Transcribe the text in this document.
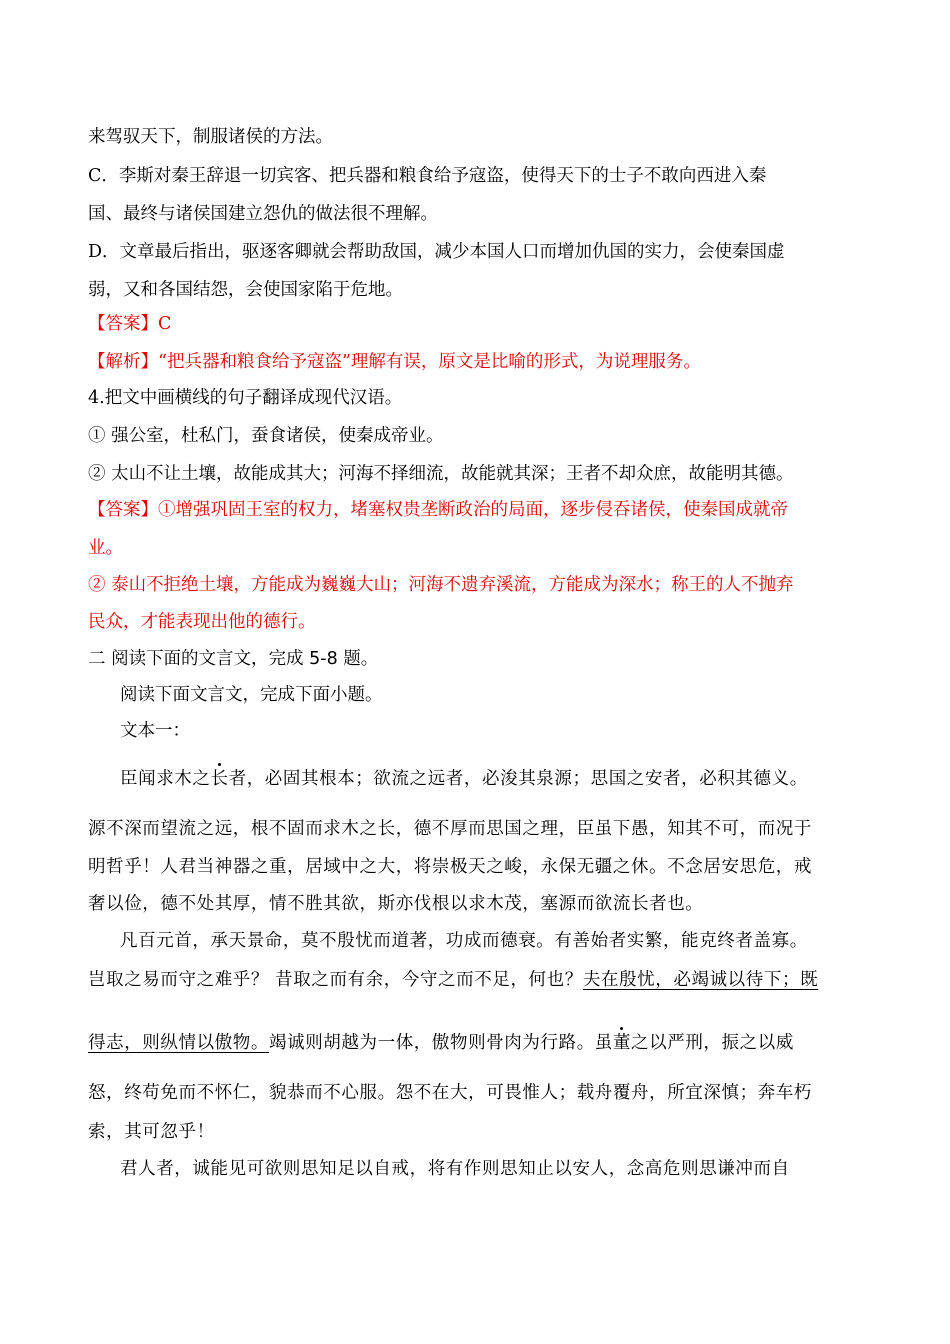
来驾驭天下，制服诸侯的方法。
C．李斯对秦王辞退一切宾客、把兵器和粮食给予寇盗，使得天下的士子不敢向西进入秦
国、最终与诸侯国建立怨仇的做法很不理解。
D．文章最后指出，驱逐客卿就会帮助敌国，减少本国人口而增加仇国的实力，会使秦国虚
弱，又和各国结怨，会使国家陷于危地。
【答案】C
【解析】“把兵器和粮食给予寇盗”理解有误，原文是比喻的形式，为说理服务。
4.把文中画横线的句子翻译成现代汉语。
① 强公室，杜私门，蚕食诸侯，使秦成帝业。
② 太山不让土壤，故能成其大；河海不择细流，故能就其深；王者不却众庶，故能明其德。
【答案】①增强巩固王室的权力，堵塞权贵垄断政治的局面，逐步侵吞诸侯，使秦国成就帝
业。
② 泰山不拒绝土壤，方能成为巍巍大山；河海不遗弃溪流，方能成为深水；称王的人不抛弃
民众，才能表现出他的德行。
二 阅读下面的文言文，完成 5-8 题。
阅读下面文言文，完成下面小题。
文本一：
臣闻求木之长者，必固其根本；欲流之远者，必浚其泉源；思国之安者，必积其德义。
源不深而望流之远，根不固而求木之长，德不厚而思国之理，臣虽下愚，知其不可，而况于
明哲乎！人君当神器之重，居域中之大，将崇极天之峻，永保无疆之休。不念居安思危，戒
奢以俭，德不处其厚，情不胜其欲，斯亦伐根以求木茂，塞源而欲流长者也。
凡百元首，承天景命，莫不殷忧而道著，功成而德衰。有善始者实繁，能克终者盖寡。
岂取之易而守之难乎？ 昔取之而有余，今守之而不足，何也？夫在殷忧，必竭诚以待下；既
得志，则纵情以傲物。竭诚则胡越为一体，傲物则骨肉为行路。虽董之以严刑，振之以威
怒，终苟免而不怀仁，貌恭而不心服。怨不在大，可畏惟人；载舟覆舟，所宜深慎；奔车朽
索，其可忽乎！
君人者，诚能见可欲则思知足以自戒，将有作则思知止以安人，念高危则思谦冲而自
